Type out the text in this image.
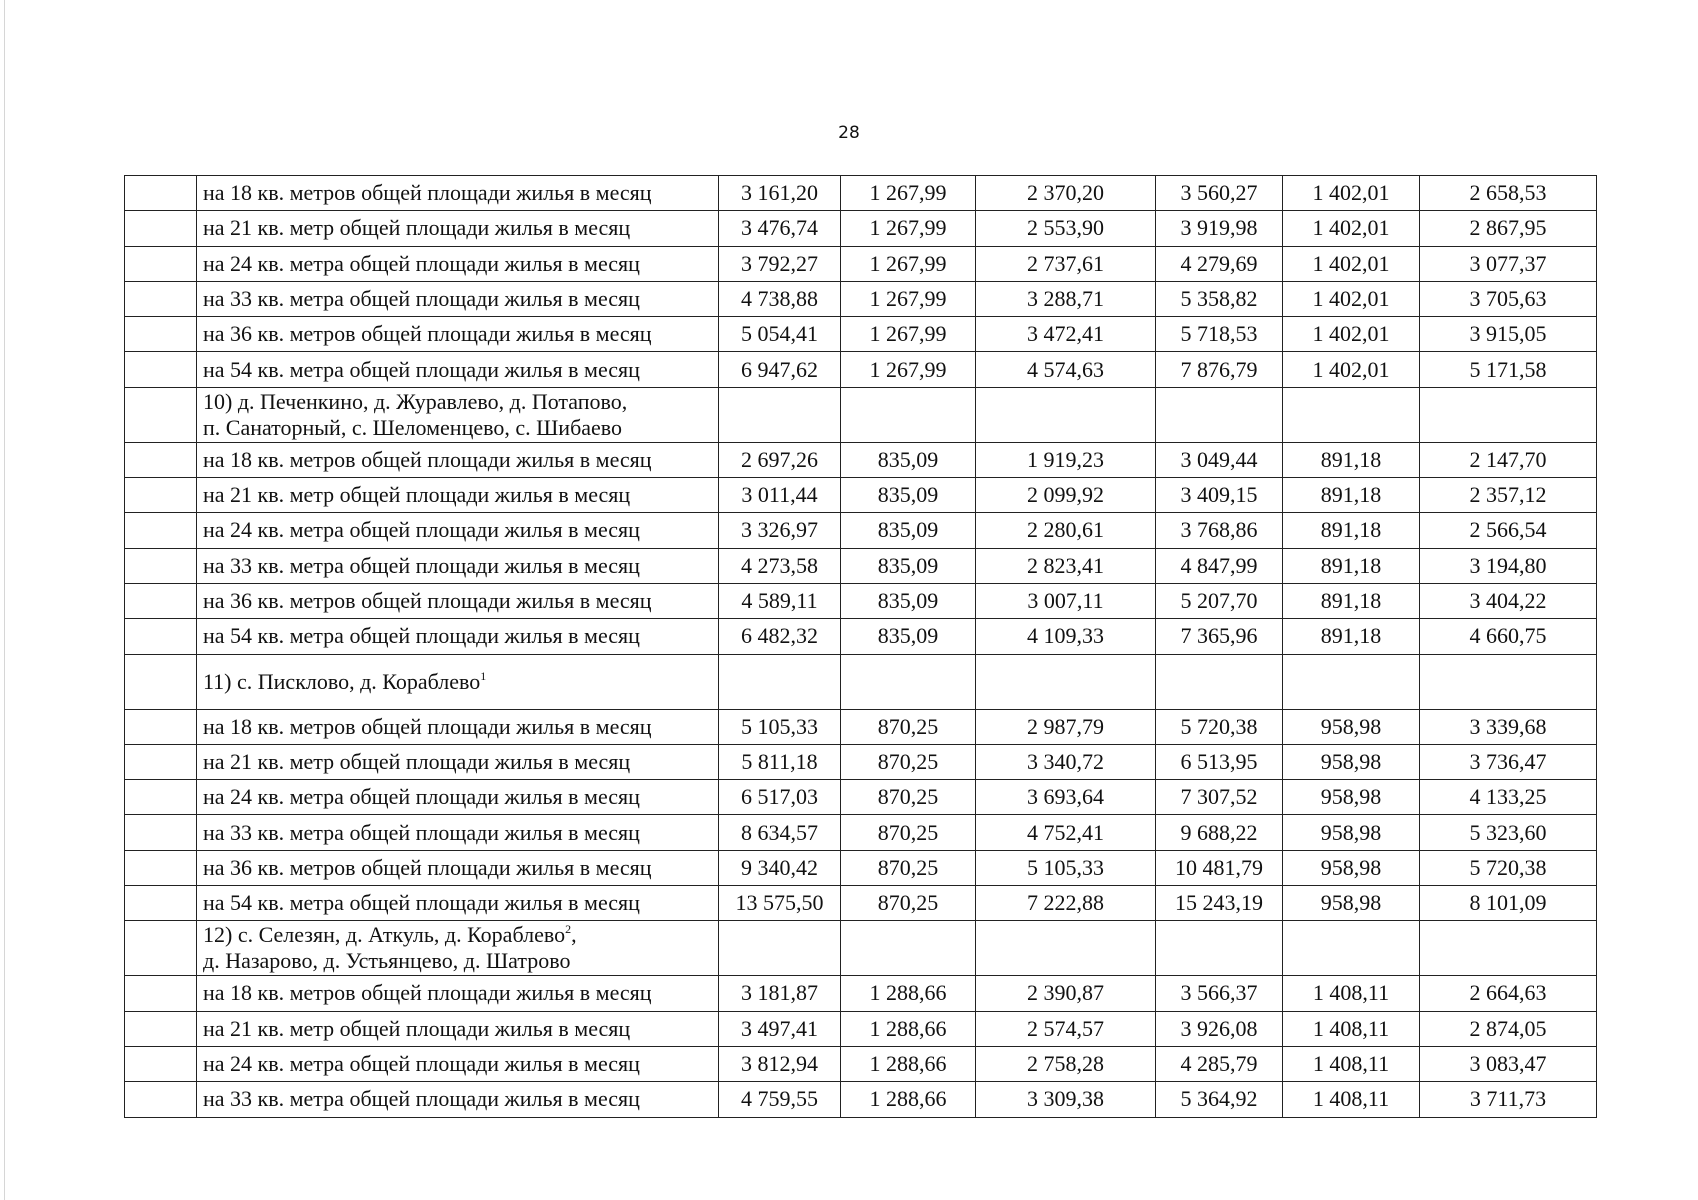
28
	на 18 кв. метров общей площади жилья в месяц	3 161,20	1 267,99	2 370,20	3 560,27	1 402,01	2 658,53
	на 21 кв. метр общей площади жилья в месяц	3 476,74	1 267,99	2 553,90	3 919,98	1 402,01	2 867,95
	на 24 кв. метра общей площади жилья в месяц	3 792,27	1 267,99	2 737,61	4 279,69	1 402,01	3 077,37
	на 33 кв. метра общей площади жилья в месяц	4 738,88	1 267,99	3 288,71	5 358,82	1 402,01	3 705,63
	на 36 кв. метров общей площади жилья в месяц	5 054,41	1 267,99	3 472,41	5 718,53	1 402,01	3 915,05
	на 54 кв. метра общей площади жилья в месяц	6 947,62	1 267,99	4 574,63	7 876,79	1 402,01	5 171,58

	10) д. Печенкино, д. Журавлево, д. Потапово,
п. Санаторный, с. Шеломенцево, с. Шибаево						

	на 18 кв. метров общей площади жилья в месяц	2 697,26	835,09	1 919,23	3 049,44	891,18	2 147,70
	на 21 кв. метр общей площади жилья в месяц	3 011,44	835,09	2 099,92	3 409,15	891,18	2 357,12
	на 24 кв. метра общей площади жилья в месяц	3 326,97	835,09	2 280,61	3 768,86	891,18	2 566,54
	на 33 кв. метра общей площади жилья в месяц	4 273,58	835,09	2 823,41	4 847,99	891,18	3 194,80
	на 36 кв. метров общей площади жилья в месяц	4 589,11	835,09	3 007,11	5 207,70	891,18	3 404,22
	на 54 кв. метра общей площади жилья в месяц	6 482,32	835,09	4 109,33	7 365,96	891,18	4 660,75

	11) с. Писклово, д. Кораблево$^1$

	на 18 кв. метров общей площади жилья в месяц	5 105,33	870,25	2 987,79	5 720,38	958,98	3 339,68
	на 21 кв. метр общей площади жилья в месяц	5 811,18	870,25	3 340,72	6 513,95	958,98	3 736,47
	на 24 кв. метра общей площади жилья в месяц	6 517,03	870,25	3 693,64	7 307,52	958,98	4 133,25
	на 33 кв. метра общей площади жилья в месяц	8 634,57	870,25	4 752,41	9 688,22	958,98	5 323,60
	на 36 кв. метров общей площади жилья в месяц	9 340,42	870,25	5 105,33	10 481,79	958,98	5 720,38
	на 54 кв. метра общей площади жилья в месяц	13 575,50	870,25	7 222,88	15 243,19	958,98	8 101,09

	12) с. Селезян, д. Аткуль, д. Кораблево$^2$,
д. Назарово, д. Устьянцево, д. Шатрово						

	на 18 кв. метров общей площади жилья в месяц	3 181,87	1 288,66	2 390,87	3 566,37	1 408,11	2 664,63
	на 21 кв. метр общей площади жилья в месяц	3 497,41	1 288,66	2 574,57	3 926,08	1 408,11	2 874,05
	на 24 кв. метра общей площади жилья в месяц	3 812,94	1 288,66	2 758,28	4 285,79	1 408,11	3 083,47
	на 33 кв. метра общей площади жилья в месяц	4 759,55	1 288,66	3 309,38	5 364,92	1 408,11	3 711,73
